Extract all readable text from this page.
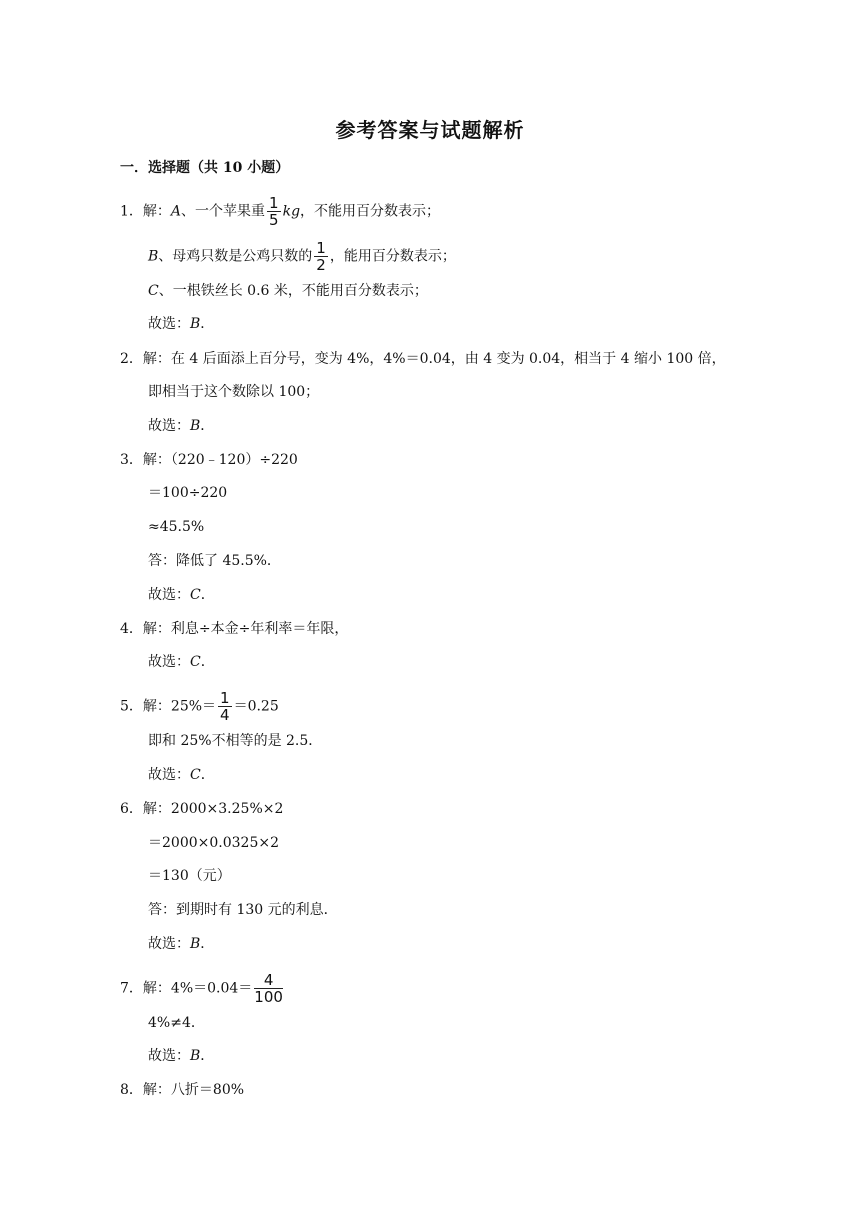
参考答案与试题解析
一．选择题（共 10 小题）
1．解：A、一个苹果重 $\frac{1}{5}$ kg，不能用百分数表示；
B、母鸡只数是公鸡只数的 $\frac{1}{2}$ ，能用百分数表示；
C、一根铁丝长 0.6 米，不能用百分数表示；
故选：B．
2．解：在 4 后面添上百分号，变为 4%，4%＝0.04，由 4 变为 0.04，相当于 4 缩小 100 倍，
即相当于这个数除以 100；
故选：B．
3．解：（220﹣120）÷220
＝100÷220
≈45.5%
答：降低了 45.5%．
故选：C．
4．解：利息÷本金÷年利率＝年限，
故选：C．
5．解：$25\%= \frac{1}{4} =0.25$
即和 25%不相等的是 2.5．
故选：C．
6．解：2000×3.25%×2
＝2000×0.0325×2
＝130（元）
答：到期时有 130 元的利息．
故选：B．
7．解：$4\%=0.04= \frac{4}{100}$
4%≠4．
故选：B．
8．解：八折＝80%
